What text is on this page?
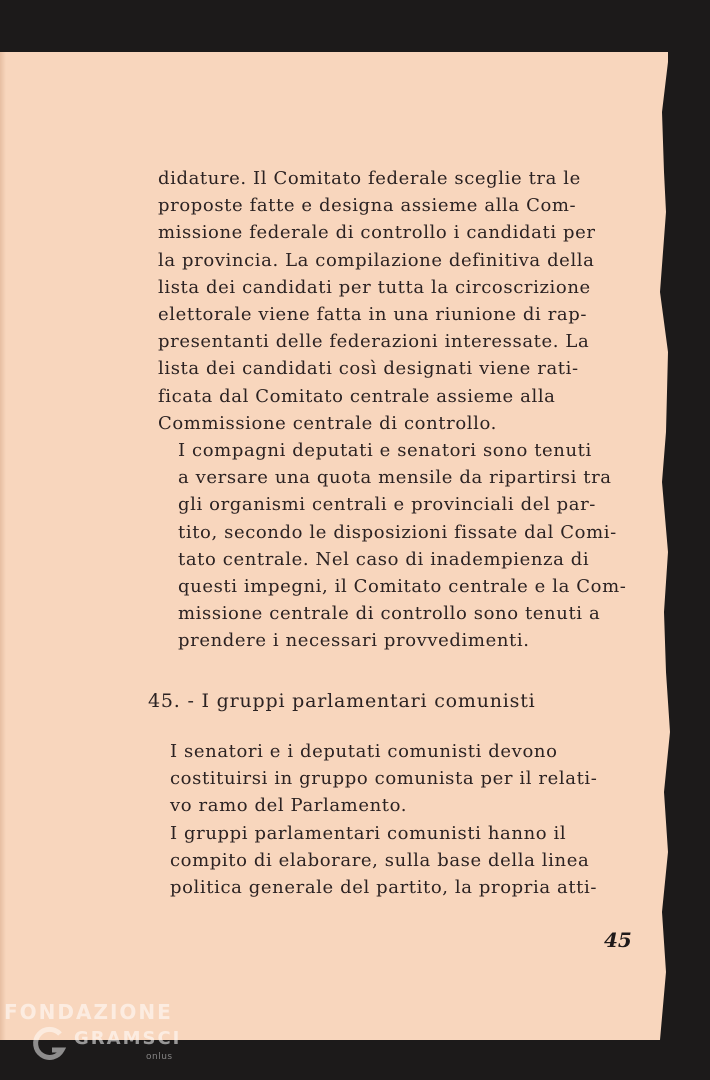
didature. Il Comitato federale sceglie tra le
proposte fatte e designa assieme alla Com-
missione federale di controllo i candidati per
la provincia. La compilazione definitiva della
lista dei candidati per tutta la circoscrizione
elettorale viene fatta in una riunione di rap-
presentanti delle federazioni interessate. La
lista dei candidati così designati viene rati-
ficata dal Comitato centrale assieme alla
Commissione centrale di controllo.

I compagni deputati e senatori sono tenuti
a versare una quota mensile da ripartirsi tra
gli organismi centrali e provinciali del par-
tito, secondo le disposizioni fissate dal Comi-
tato centrale. Nel caso di inadempienza di
questi impegni, il Comitato centrale e la Com-
missione centrale di controllo sono tenuti a
prendere i necessari provvedimenti.

45. - I gruppi parlamentari comunisti

I senatori e i deputati comunisti devono
costituirsi in gruppo comunista per il relati-
vo ramo del Parlamento.

I gruppi parlamentari comunisti hanno il
compito di elaborare, sulla base della linea
politica generale del partito, la propria atti-

45
FONDAZIONE
GRAMSCI
onlus
